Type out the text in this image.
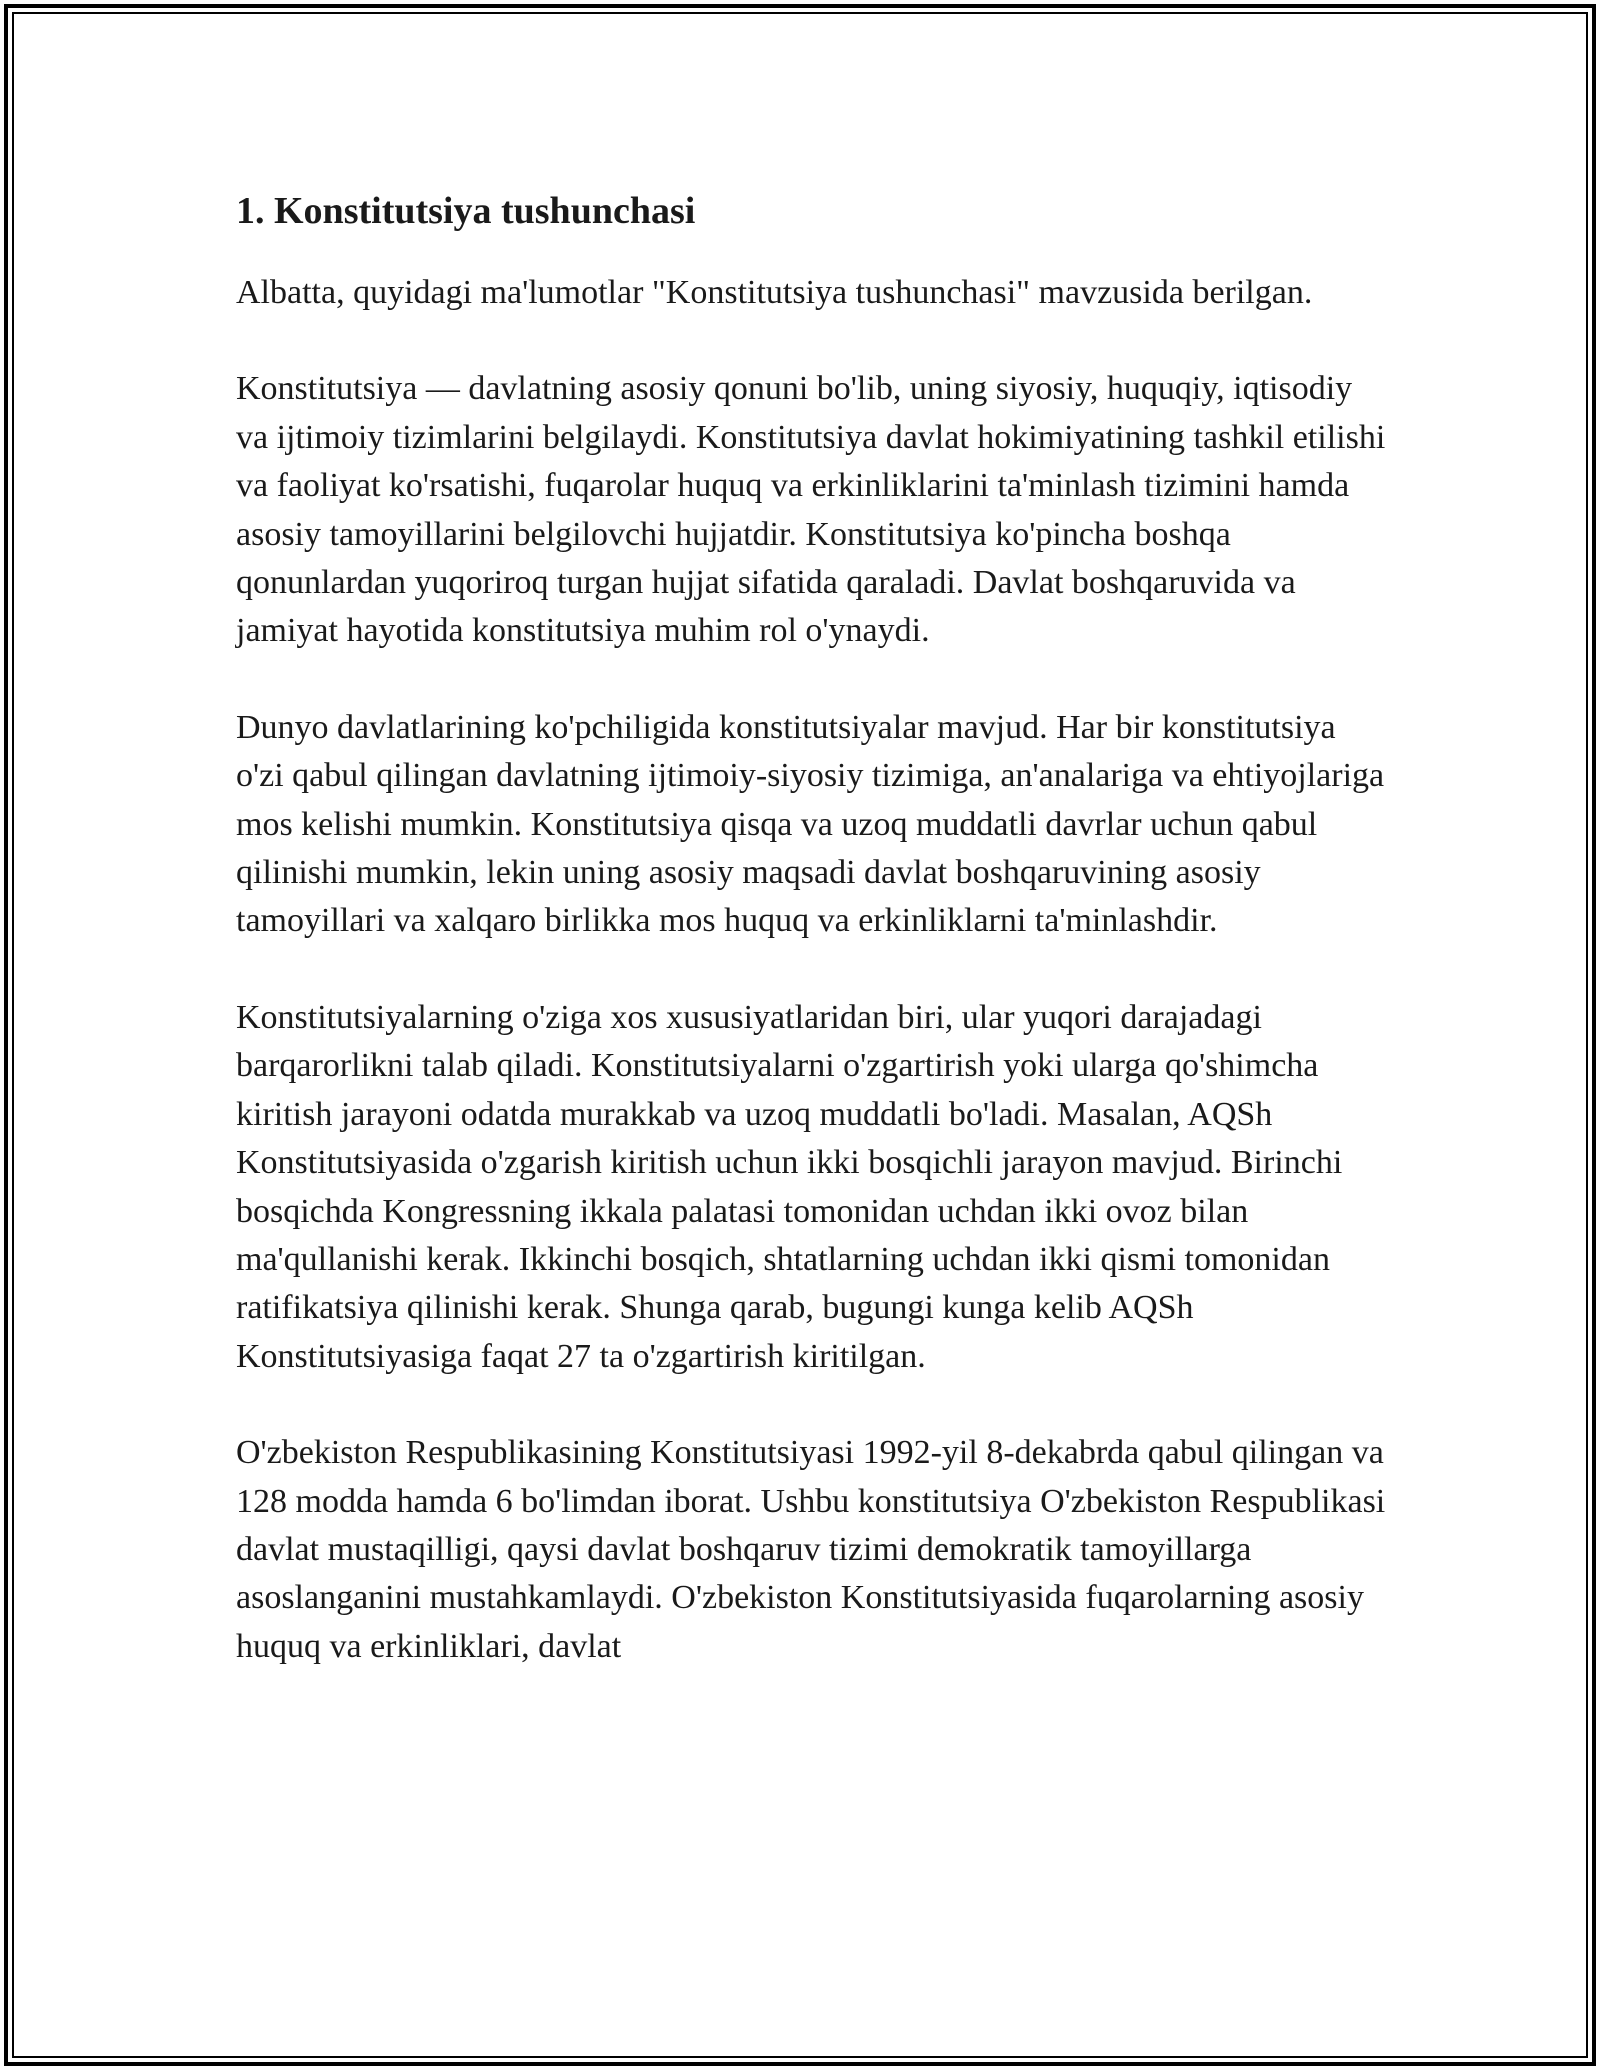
1. Konstitutsiya tushunchasi

Albatta, quyidagi ma'lumotlar "Konstitutsiya tushunchasi" mavzusida berilgan.

Konstitutsiya — davlatning asosiy qonuni bo'lib, uning siyosiy, huquqiy, iqtisodiy va ijtimoiy tizimlarini belgilaydi. Konstitutsiya davlat hokimiyatining tashkil etilishi va faoliyat ko'rsatishi, fuqarolar huquq va erkinliklarini ta'minlash tizimini hamda asosiy tamoyillarini belgilovchi hujjatdir. Konstitutsiya ko'pincha boshqa qonunlardan yuqoriroq turgan hujjat sifatida qaraladi. Davlat boshqaruvida va jamiyat hayotida konstitutsiya muhim rol o'ynaydi.

Dunyo davlatlarining ko'pchiligida konstitutsiyalar mavjud. Har bir konstitutsiya o'zi qabul qilingan davlatning ijtimoiy-siyosiy tizimiga, an'analariga va ehtiyojlariga mos kelishi mumkin. Konstitutsiya qisqa va uzoq muddatli davrlar uchun qabul qilinishi mumkin, lekin uning asosiy maqsadi davlat boshqaruvining asosiy tamoyillari va xalqaro birlikka mos huquq va erkinliklarni ta'minlashdir.

Konstitutsiyalarning o'ziga xos xususiyatlaridan biri, ular yuqori darajadagi barqarorlikni talab qiladi. Konstitutsiyalarni o'zgartirish yoki ularga qo'shimcha kiritish jarayoni odatda murakkab va uzoq muddatli bo'ladi. Masalan, AQSh Konstitutsiyasida o'zgarish kiritish uchun ikki bosqichli jarayon mavjud. Birinchi bosqichda Kongressning ikkala palatasi tomonidan uchdan ikki ovoz bilan ma'qullanishi kerak. Ikkinchi bosqich, shtatlarning uchdan ikki qismi tomonidan ratifikatsiya qilinishi kerak. Shunga qarab, bugungi kunga kelib AQSh Konstitutsiyasiga faqat 27 ta o'zgartirish kiritilgan.

O'zbekiston Respublikasining Konstitutsiyasi 1992-yil 8-dekabrda qabul qilingan va 128 modda hamda 6 bo'limdan iborat. Ushbu konstitutsiya O'zbekiston Respublikasi davlat mustaqilligi, qaysi davlat boshqaruv tizimi demokratik tamoyillarga asoslanganini mustahkamlaydi. O'zbekiston Konstitutsiyasida fuqarolarning asosiy huquq va erkinliklari, davlat
